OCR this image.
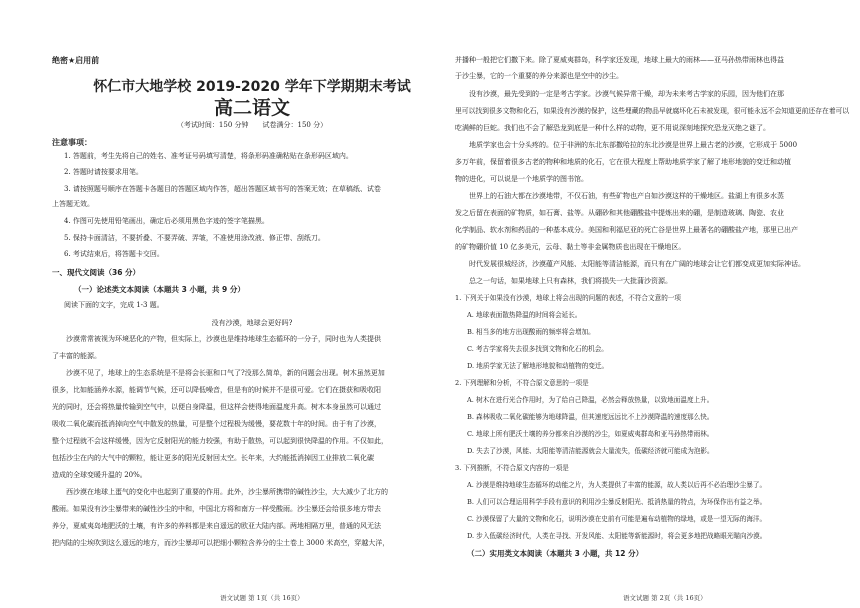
绝密★启用前
怀仁市大地学校 2019-2020 学年下学期期末考试
高二语文
（考试时间：150 分钟　　试卷满分：150 分）
注意事项：
1. 答题前，考生先将自己的姓名、准考证号码填写清楚，将条形码准确粘贴在条形码区域内。
2. 答题时请按要求用笔。
3. 请按照题号顺序在答题卡各题目的答题区域内作答，超出答题区域书写的答案无效；在草稿纸、试卷
上答题无效。
4. 作图可先使用铅笔画出，确定后必须用黑色字迹的签字笔描黑。
5. 保持卡面清洁，不要折叠、不要弄破、弄皱，不准使用涂改液、修正带、刮纸刀。
6. 考试结束后，将答题卡交回。
一、现代文阅读（36 分）
（一）论述类文本阅读（本题共 3 小题，共 9 分）
阅读下面的文字，完成 1-3 题。
没有沙漠，地球会更好吗?
　　沙漠常常被视为环境恶化的产物，但实际上，沙漠也是维持地球生态循环的一分子，同时也为人类提供
了丰富的能源。
　　沙漠不见了，地球上的生态系统是不是将会长驱和口气了?没那么简单，新的问题会出现。树木虽然更加
很多，比如能涵养水源，能调节气候，还可以降低噪音，但是有的时候并不是很可爱。它们在摄获和吸收阳
光的同时，还会将热量传输到空气中，以便自身降温，但这样会使得地面温度升高。树木本身虽然可以通过
吸收二氧化碳而抵消掉向空气中散发的热量，可是整个过程极为缓慢，要花数十年的时间。由于有了沙漠，
整个过程就不会这样缓慢，因为它反射阳光的能力较强，有助于散热，可以起到很快降温的作用。不仅如此，
包括沙尘在内的大气中的颗粒，能让更多的阳光反射回太空。长年来，大约能抵消掉因工业排放二氧化碳
造成的全球变暖升温的 20%。
　　西沙漠在地球上蛋气的变化中也起到了重要的作用。此外，沙尘暴所携带的碱性沙尘，大大减少了北方的
酸雨。如果没有沙尘暴带来的碱性沙尘的中和，中国北方将和南方一样受酸雨。沙尘暴还会给很多地方带去
养分，夏威夷岛地肥沃的土壤，有许多的养料都是来自遥远的欧亚大陆内部。两地相隔万里，普通的风无法
把内陆的尘埃吹到这么遥远的地方，而沙尘暴却可以把细小颗粒含养分的尘土卷上 3000 米高空，穿越大洋，
语文试题 第 1页（共 16页）
并播种一般把它们撒下来。除了夏威夷群岛，科学家还发现，地球上最大的雨林——亚马孙热带雨林也得益
于沙尘暴，它的一个重要的养分来源也是空中的沙尘。
　　没有沙漠，最先受到的一定是考古学家。沙漠气候异常干燥，却为未来考古学家的乐园，因为他们在那
里可以找到很多文物和化石，如果没有沙漠的保护，这些埋藏的物品早就腐坏化石未被发现，很可能永远不会知道更前还存在着可以
吃满鲜的巨蛇。我们也不会了解恐龙到底是一种什么样的动物，更不用说深刻地探究恐龙灭绝之谜了。
　　地质学家也会十分头疼的。位于非洲的东北东部撒哈拉的东北沙漠是世界上最古老的沙漠，它形成于 5000
多万年前，保留着很多古老的物种和地质的化石，它在很大程度上帮助地质学家了解了地形地貌的变迁和动植
物的进化，可以说是一个地质学的图书馆。
　　世界上的石油大都在沙漠地带，不仅石油，有些矿物也产自如沙漠这样的干燥地区。盐湖上有很多水蒸
发之后留在表面的矿物质，如石膏、盐等。从硼砂和其他硼酸盐中提炼出来的硼，是制造玻璃、陶瓷、农业
化学制品、软水剂和药品的一种基本成分。美国和利福尼亚的死亡谷是世界上最著名的硼酸盐产地，那里已出产
的矿物硼价值 10 亿多美元，云母、黏土等非金属物质也出现在干燥地区。
　　时代发展很城经济，沙漠蕴产风能、太阳能等清洁能源，而只有在广阔的地球会让它们都变成更加实际神话。
　　总之一句话，如果地球上只有森林，我们将损失一大批蒲沙资源。
1. 下列关于如果没有沙漠，地球上将会出现的问题的表述，不符合文意的一项
A. 地球表面散热降温的时间将会延长。
B. 相当多的地方出现酸雨的频率将会增加。
C. 考古学家将失去很多找到文物和化石的机会。
D. 地质学家无法了解地形地貌和动植物的变迁。
2. 下列理解和分析，不符合原文意思的一项是
A. 树木在进行光合作用时，为了给自己降温，必然会释放热量，以致地面温度上升。
B. 森林吸收二氧化碳能够为地球降温，但其速度远远比不上沙漠降温的速度那么快。
C. 地球上所有肥沃土壤的养分都来自沙漠的沙尘，如夏威夷群岛和亚马孙热带雨林。
D. 失去了沙漠，风能、太阳能等清洁能源就会大量流失，低碳经济就可能成为泡影。
3. 下列推断，不符合原文内容的一项是
A. 沙漠是维持地球生态循环的动能之片，为人类提供了丰富的能源，故人类以后再不必治理沙尘暴了。
B. 人们可以合理运用科学手段有意识的利用沙尘暴反射阳光、抵消热量的特点，为环保作出有益之举。
C. 沙漠保留了大量的文物和化石，说明沙漠在史前有可能是遍布动植物的绿地，或是一望无际的海洋。
D. 步入低碳经济时代，人类在寻找、开发风能、太阳能等新能源时，将会更多地把战略眼光瞄向沙漠。
（二）实用类文本阅读（本题共 3 小题，共 12 分）
语文试题 第 2页（共 16页）
